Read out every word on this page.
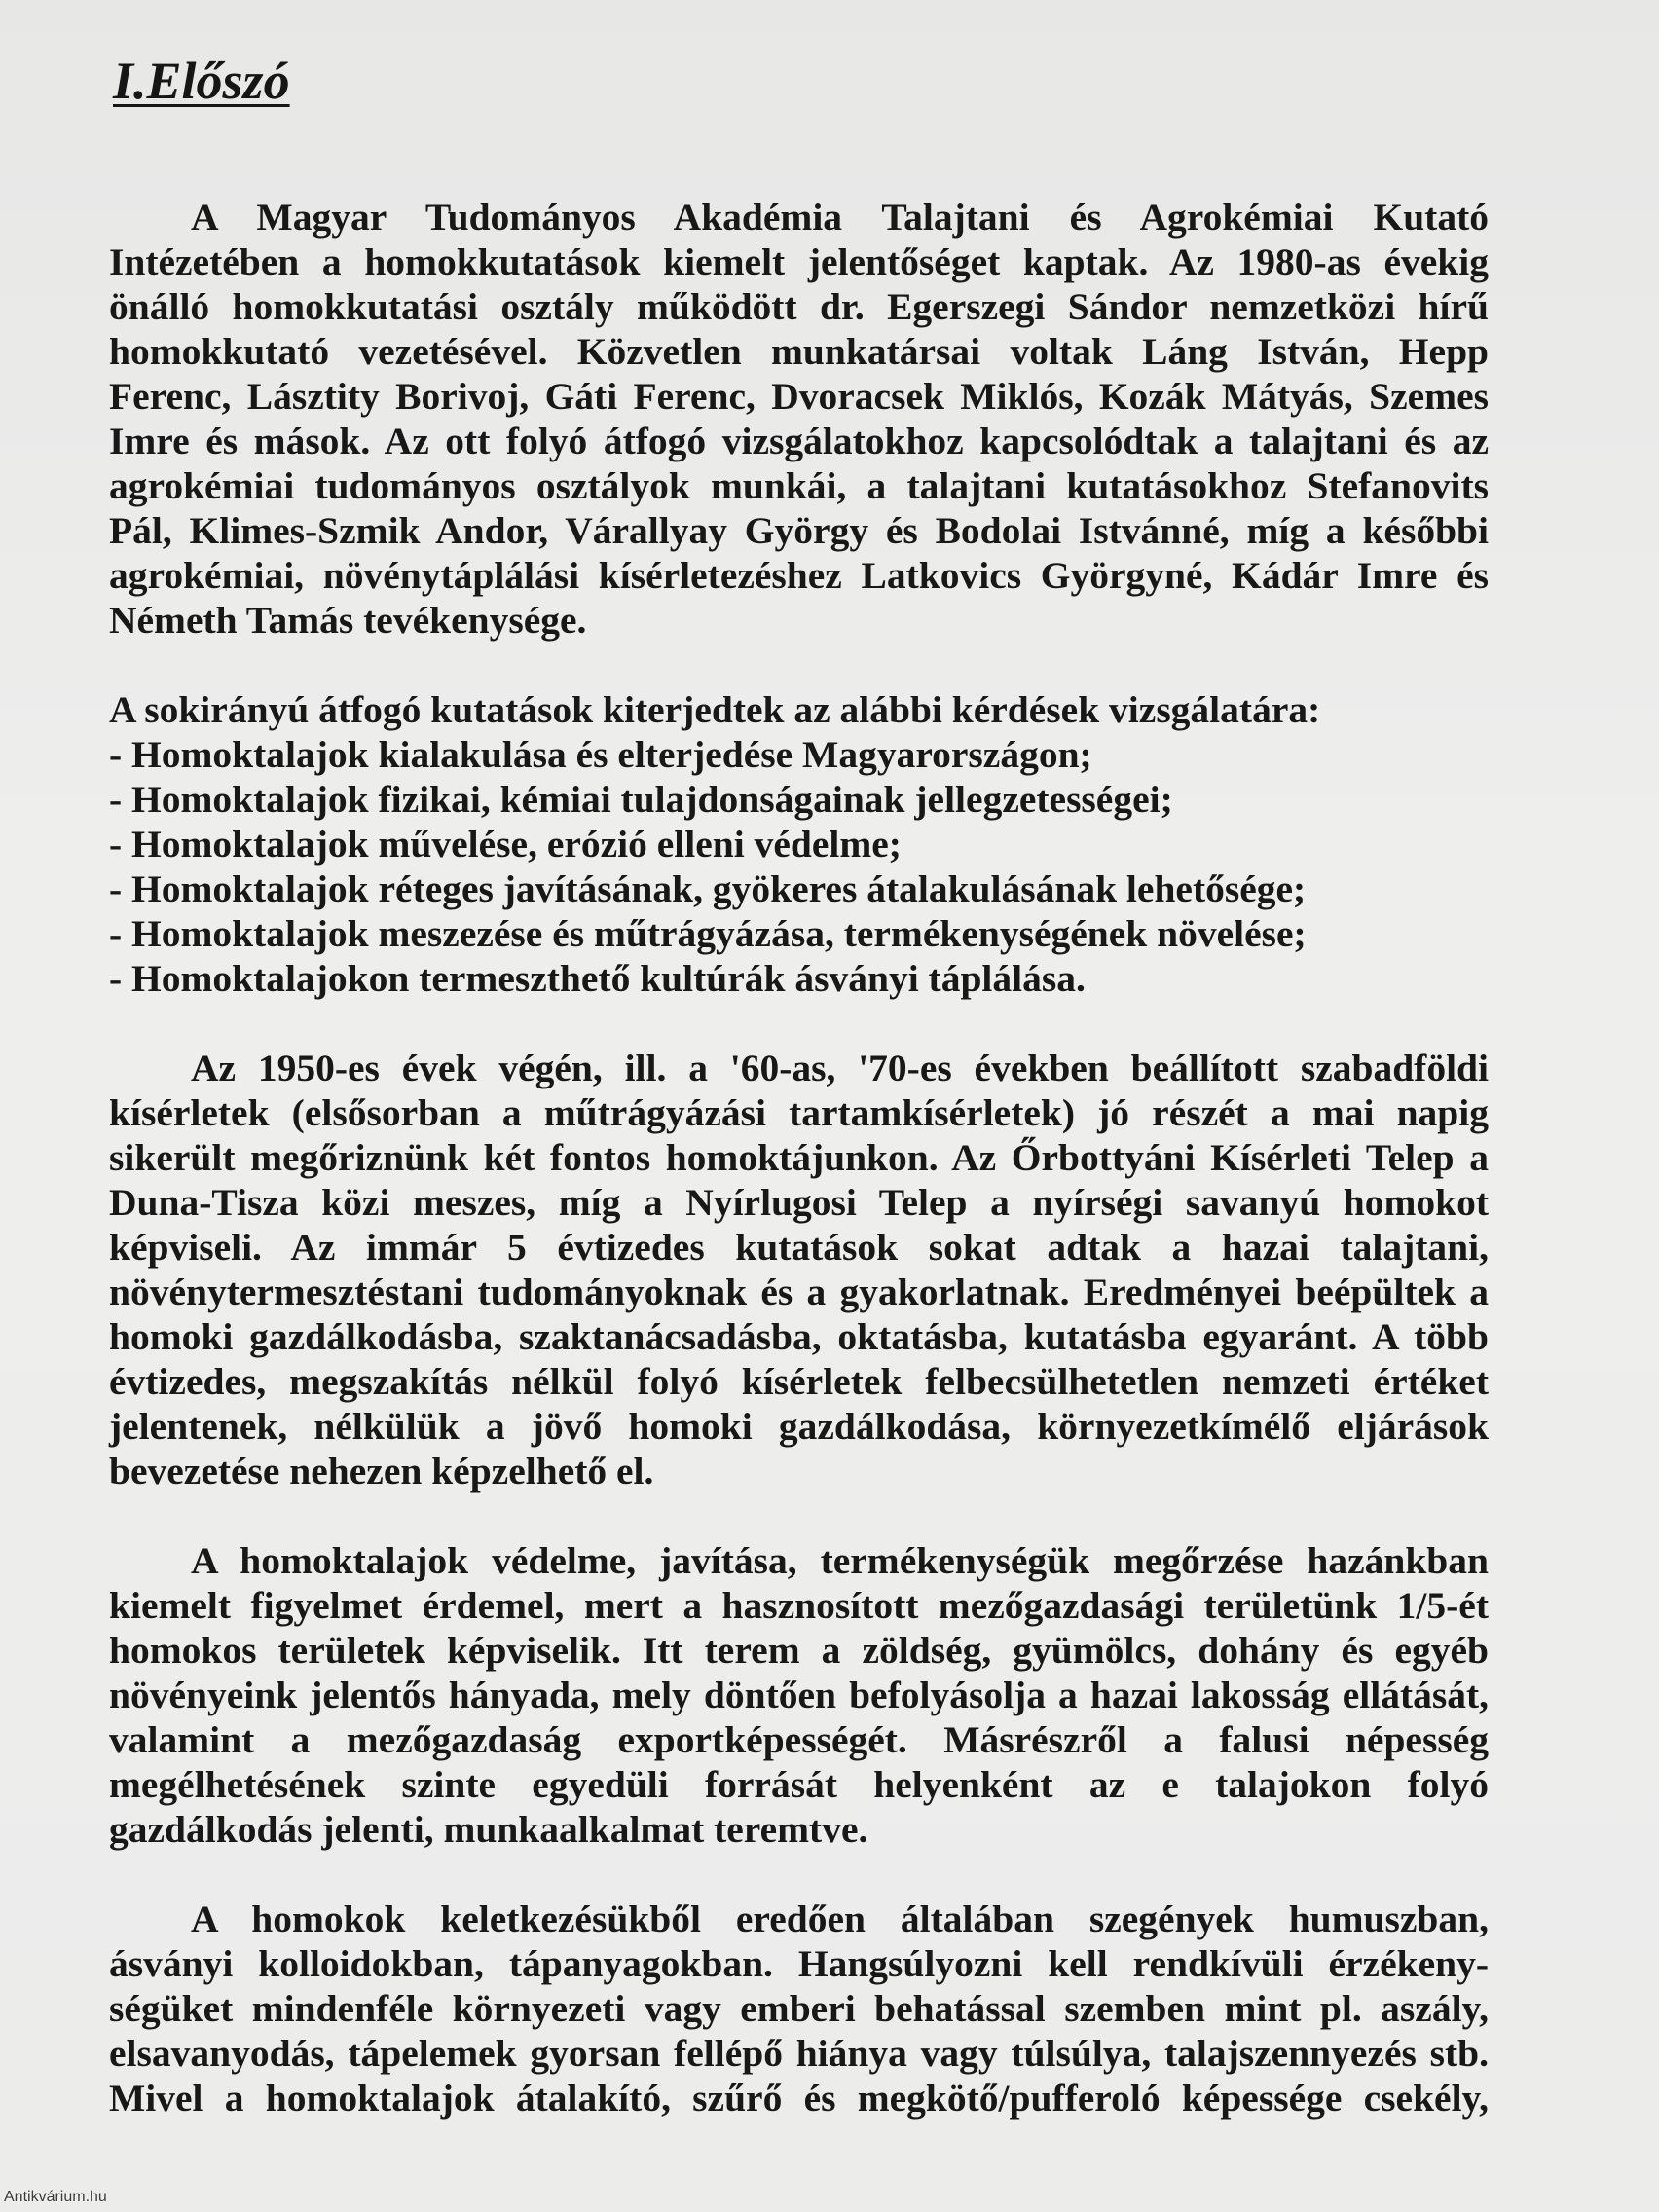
I.Előszó
A Magyar Tudományos Akadémia Talajtani és Agrokémiai Kutató
Intézetében a homokkutatások kiemelt jelentőséget kaptak. Az 1980-as évekig
önálló homokkutatási osztály működött dr. Egerszegi Sándor nemzetközi hírű
homokkutató vezetésével. Közvetlen munkatársai voltak Láng István, Hepp
Ferenc, Lásztity Borivoj, Gáti Ferenc, Dvoracsek Miklós, Kozák Mátyás, Szemes
Imre és mások. Az ott folyó átfogó vizsgálatokhoz kapcsolódtak a talajtani és az
agrokémiai tudományos osztályok munkái, a talajtani kutatásokhoz Stefanovits
Pál, Klimes-Szmik Andor, Várallyay György és Bodolai Istvánné, míg a későbbi
agrokémiai, növénytáplálási kísérletezéshez Latkovics Györgyné, Kádár Imre és
Németh Tamás tevékenysége.
A sokirányú átfogó kutatások kiterjedtek az alábbi kérdések vizsgálatára:
- Homoktalajok kialakulása és elterjedése Magyarországon;
- Homoktalajok fizikai, kémiai tulajdonságainak jellegzetességei;
- Homoktalajok művelése, erózió elleni védelme;
- Homoktalajok réteges javításának, gyökeres átalakulásának lehetősége;
- Homoktalajok meszezése és műtrágyázása, termékenységének növelése;
- Homoktalajokon termeszthető kultúrák ásványi táplálása.
Az 1950-es évek végén, ill. a '60-as, '70-es években beállított szabadföldi
kísérletek (elsősorban a műtrágyázási tartamkísérletek) jó részét a mai napig
sikerült megőriznünk két fontos homoktájunkon. Az Őrbottyáni Kísérleti Telep a
Duna-Tisza közi meszes, míg a Nyírlugosi Telep a nyírségi savanyú homokot
képviseli. Az immár 5 évtizedes kutatások sokat adtak a hazai talajtani,
növénytermesztéstani tudományoknak és a gyakorlatnak. Eredményei beépültek a
homoki gazdálkodásba, szaktanácsadásba, oktatásba, kutatásba egyaránt. A több
évtizedes, megszakítás nélkül folyó kísérletek felbecsülhetetlen nemzeti értéket
jelentenek, nélkülük a jövő homoki gazdálkodása, környezetkímélő eljárások
bevezetése nehezen képzelhető el.
A homoktalajok védelme, javítása, termékenységük megőrzése hazánkban
kiemelt figyelmet érdemel, mert a hasznosított mezőgazdasági területünk 1/5-ét
homokos területek képviselik. Itt terem a zöldség, gyümölcs, dohány és egyéb
növényeink jelentős hányada, mely döntően befolyásolja a hazai lakosság ellátását,
valamint a mezőgazdaság exportképességét. Másrészről a falusi népesség
megélhetésének szinte egyedüli forrását helyenként az e talajokon folyó
gazdálkodás jelenti, munkaalkalmat teremtve.
A homokok keletkezésükből eredően általában szegények humuszban,
ásványi kolloidokban, tápanyagokban. Hangsúlyozni kell rendkívüli érzékeny-
ségüket mindenféle környezeti vagy emberi behatással szemben mint pl. aszály,
elsavanyodás, tápelemek gyorsan fellépő hiánya vagy túlsúlya, talajszennyezés stb.
Mivel a homoktalajok átalakító, szűrő és megkötő/pufferoló képessége csekély,
Antikvárium.hu
